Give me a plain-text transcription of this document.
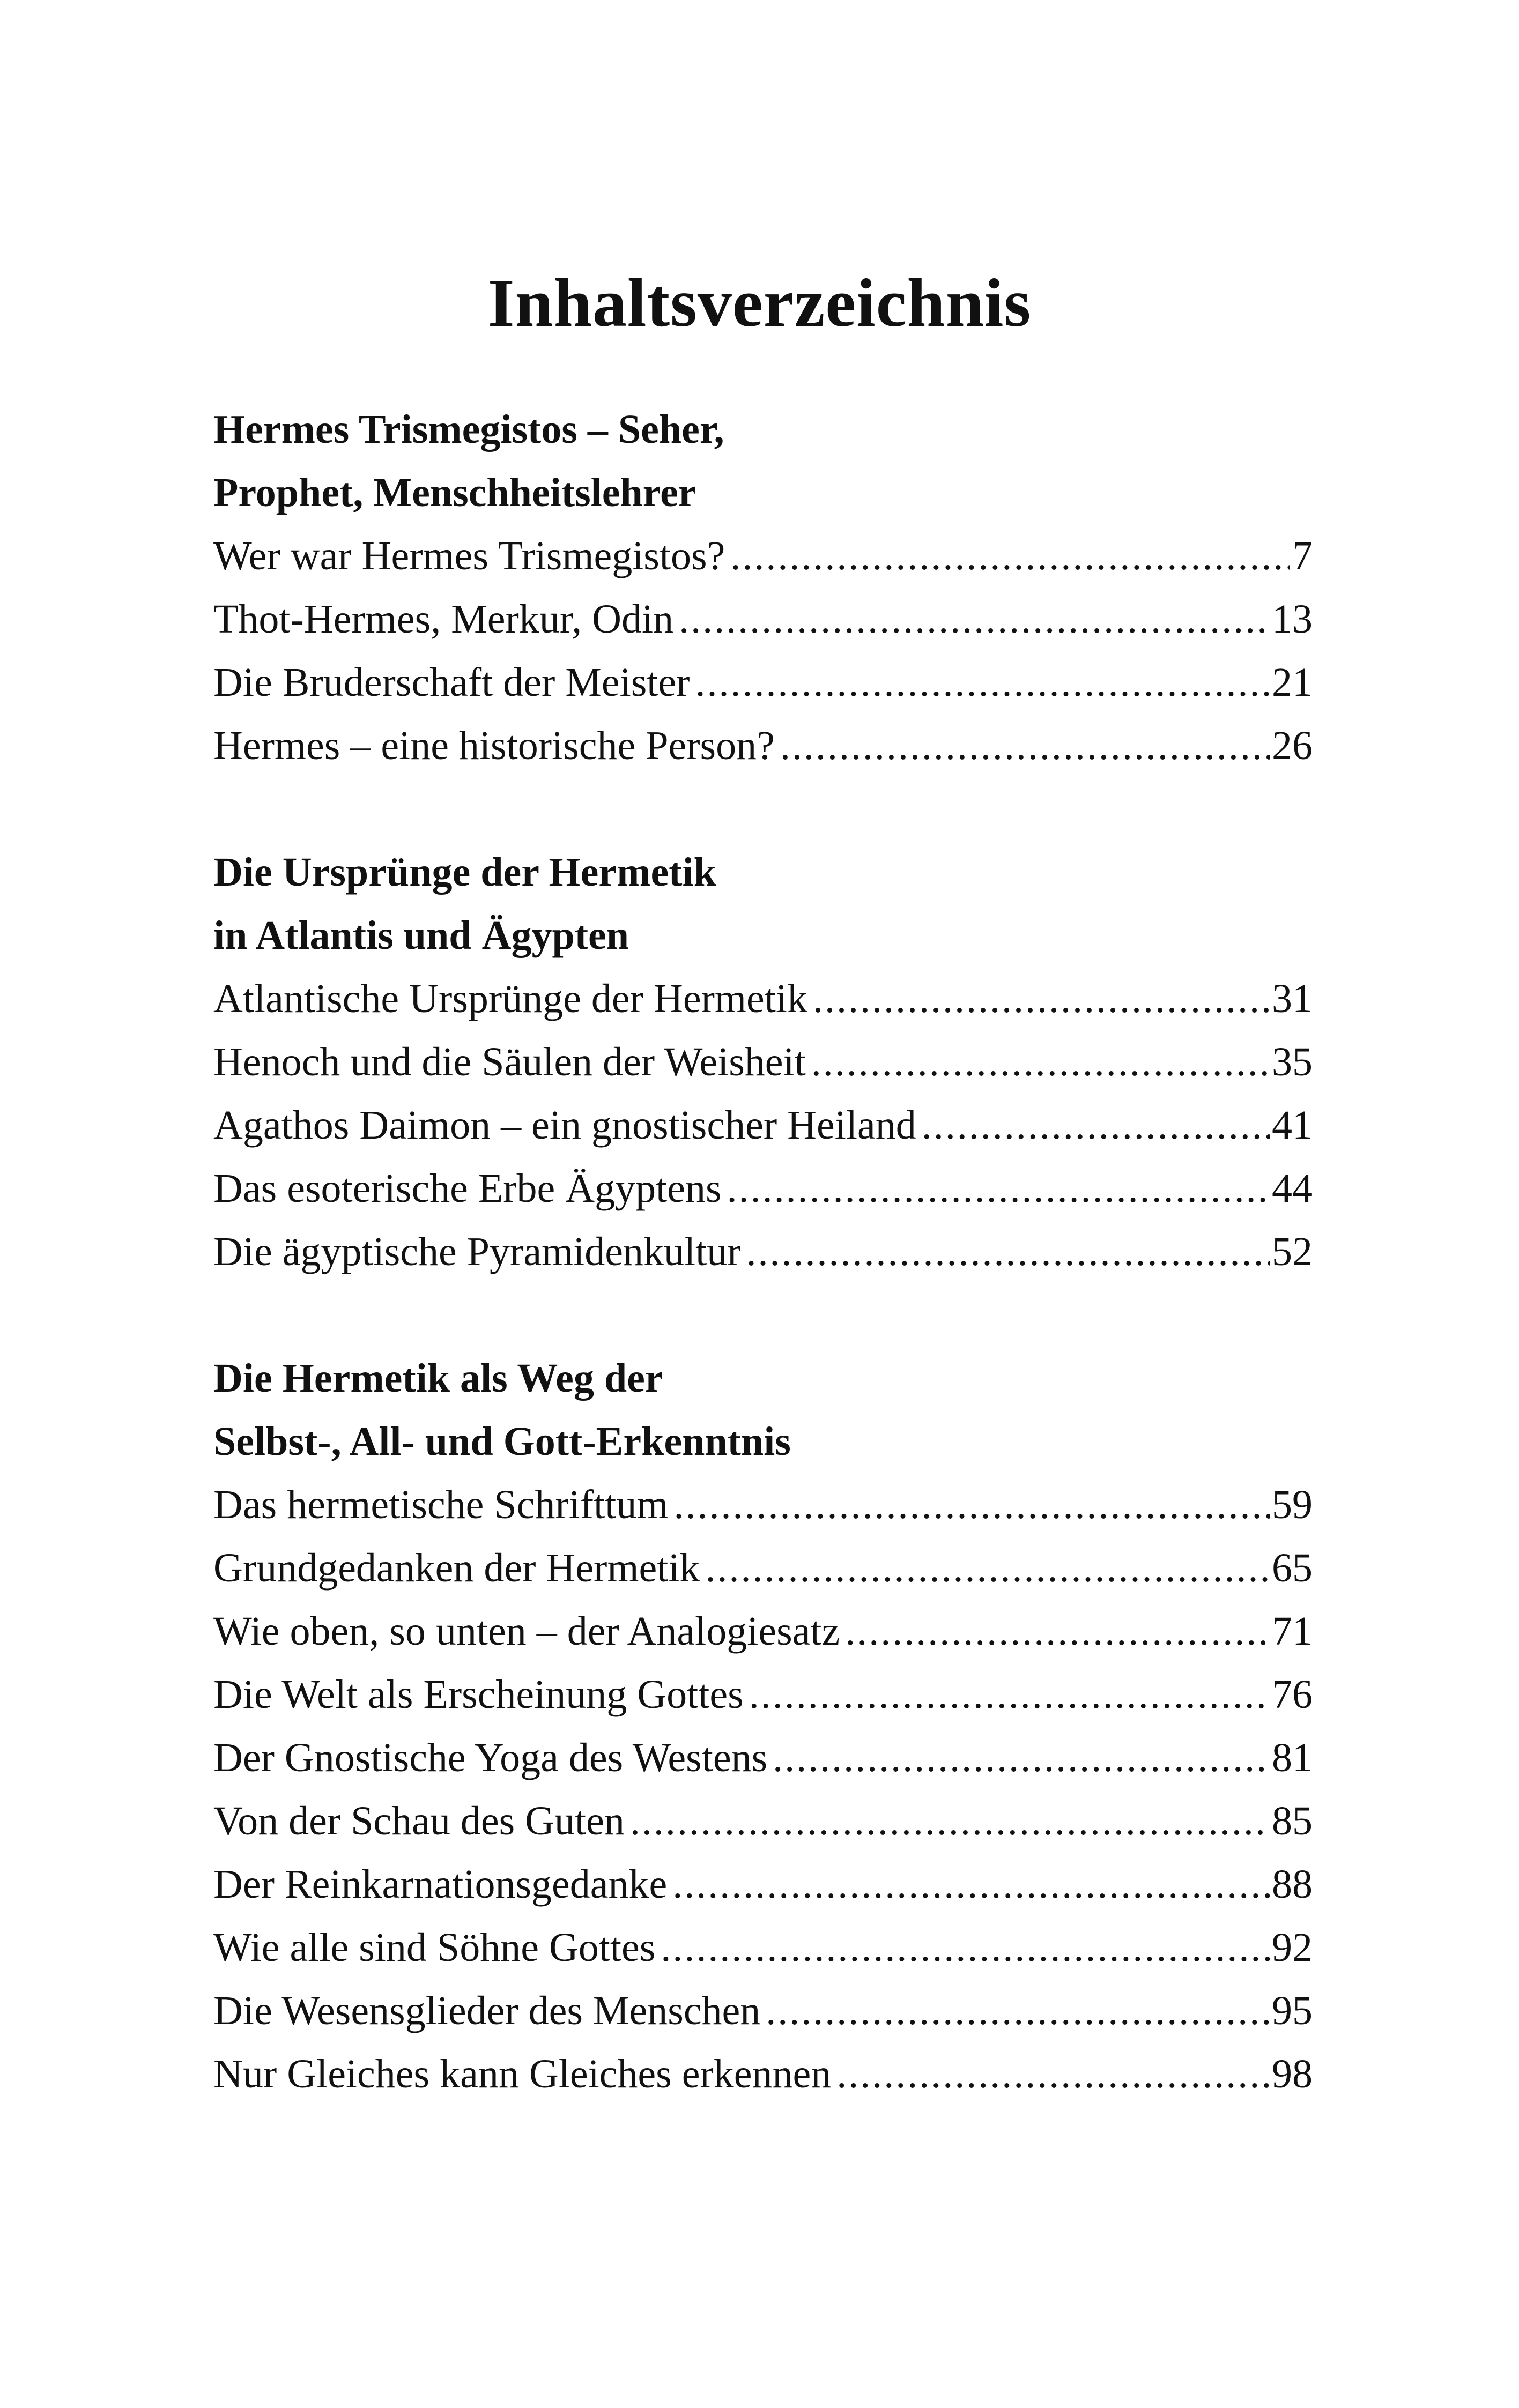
Inhaltsverzeichnis

Hermes Trismegistos – Seher,

Prophet, Menschheitslehrer

Wer war Hermes Trismegistos? .....	7
Thot-Hermes, Merkur, Odin .....	13
Die Bruderschaft der Meister .....	21
Hermes – eine historische Person? .....	26

Die Ursprünge der Hermetik

in Atlantis und Ägypten

Atlantische Ursprünge der Hermetik .....	31
Henoch und die Säulen der Weisheit .....	35
Agathos Daimon – ein gnostischer Heiland .....	41
Das esoterische Erbe Ägyptens .....	44
Die ägyptische Pyramidenkultur .....	52

Die Hermetik als Weg der

Selbst-, All- und Gott-Erkenntnis

Das hermetische Schrifttum .....	59
Grundgedanken der Hermetik .....	65
Wie oben, so unten – der Analogiesatz .....	71
Die Welt als Erscheinung Gottes .....	76
Der Gnostische Yoga des Westens .....	81
Von der Schau des Guten .....	85
Der Reinkarnationsgedanke .....	88
Wie alle sind Söhne Gottes .....	92
Die Wesensglieder des Menschen .....	95
Nur Gleiches kann Gleiches erkennen .....	98
